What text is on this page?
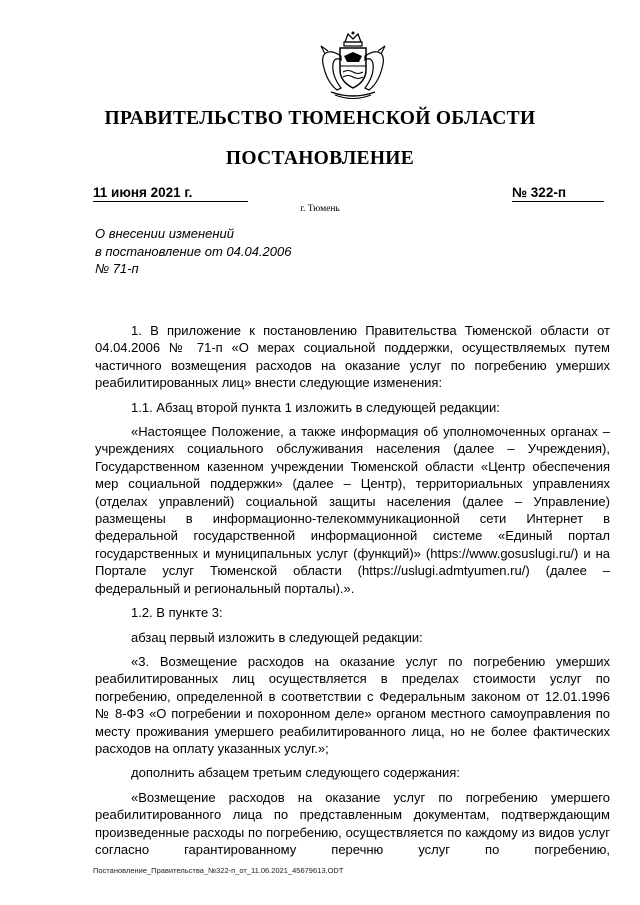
ПРАВИТЕЛЬСТВО ТЮМЕНСКОЙ ОБЛАСТИ
ПОСТАНОВЛЕНИЕ
11 июня 2021 г.	№ 322-п
г. Тюмень
О внесении изменений
в постановление от 04.04.2006
№ 71-п

1. В приложение к постановлению Правительства Тюменской области от 04.04.2006 № 71-п «О мерах социальной поддержки, осуществляемых путем частичного возмещения расходов на оказание услуг по погребению умерших реабилитированных лиц» внести следующие изменения:

1.1. Абзац второй пункта 1 изложить в следующей редакции:

«Настоящее Положение, а также информация об уполномоченных органах – учреждениях социального обслуживания населения (далее – Учреждения), Государственном казенном учреждении Тюменской области «Центр обеспечения мер социальной поддержки» (далее – Центр), территориальных управлениях (отделах управлений) социальной защиты населения (далее – Управление) размещены в информационно-телекоммуникационной сети Интернет в федеральной государственной информационной системе «Единый портал государственных и муниципальных услуг (функций)» (https://www.gosuslugi.ru/) и на Портале услуг Тюменской области (https://uslugi.admtyumen.ru/) (далее – федеральный и региональный порталы).».

1.2. В пункте 3:

абзац первый изложить в следующей редакции:

«3. Возмещение расходов на оказание услуг по погребению умерших реабилитированных лиц осуществляется в пределах стоимости услуг по погребению, определенной в соответствии с Федеральным законом от 12.01.1996 № 8-ФЗ «О погребении и похоронном деле» органом местного самоуправления по месту проживания умершего реабилитированного лица, но не более фактических расходов на оплату указанных услуг.»;

дополнить абзацем третьим следующего содержания:

«Возмещение расходов на оказание услуг по погребению умершего реабилитированного лица по представленным документам, подтверждающим произведенные расходы по погребению, осуществляется по каждому из видов услуг согласно гарантированному перечню услуг по погребению,

Постановление_Правительства_№322-п_от_11.06.2021_45679613.ODT
